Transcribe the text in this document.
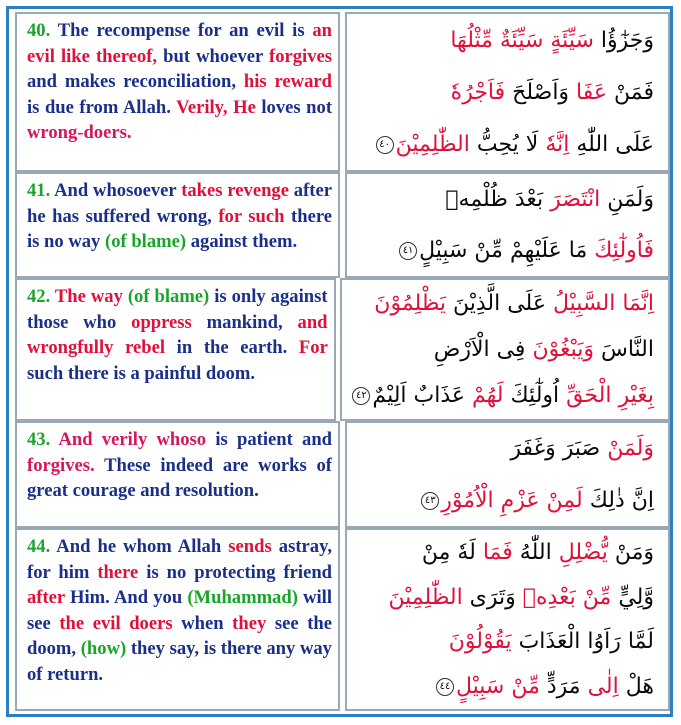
40. The recompense for an evil is an evil like thereof, but whoever forgives and makes reconciliation, his reward is due from Allah. Verily, He loves not wrong-doers.
وَجَزٰٓؤُا سَيِّئَةٍ سَيِّئَةٌ مِّثْلُهَا
فَمَنْ عَفَا وَاَصْلَحَ فَاَجْرُهٗ
عَلَى اللّٰهِ اِنَّهٗ لَا يُحِبُّ الظّٰلِمِيْنَ٤٠
41. And whosoever takes revenge after he has suffered wrong, for such there is no way (of blame) against them.
وَلَمَنِ انْتَصَرَ بَعْدَ ظُلْمِهٖ
فَاُولٰٓئِكَ مَا عَلَيْهِمْ مِّنْ سَبِيْلٍ٤١
42. The way (of blame) is only against those who oppress mankind, and wrongfully rebel in the earth. For such there is a painful doom.
اِنَّمَا السَّبِيْلُ عَلَى الَّذِيْنَ يَظْلِمُوْنَ
النَّاسَ وَيَبْغُوْنَ فِى الْاَرْضِ
بِغَيْرِ الْحَقِّ اُولٰٓئِكَ لَهُمْ عَذَابٌ اَلِيْمٌ٤٢
43. And verily whoso is patient and forgives. These indeed are works of great courage and resolution.
وَلَمَنْ صَبَرَ وَغَفَرَ
اِنَّ ذٰلِكَ لَمِنْ عَزْمِ الْاُمُوْرِ٤٣
44. And he whom Allah sends astray, for him there is no protecting friend after Him. And you (Muhammad) will see the evil doers when they see the doom, (how) they say, is there any way of return.
وَمَنْ يُّضْلِلِ اللّٰهُ فَمَا لَهٗ مِنْ
وَّلِيٍّ مِّنْ بَعْدِهٖ وَتَرَى الظّٰلِمِيْنَ
لَمَّا رَاَوُا الْعَذَابَ يَقُوْلُوْنَ
هَلْ اِلٰى مَرَدٍّ مِّنْ سَبِيْلٍ٤٤
